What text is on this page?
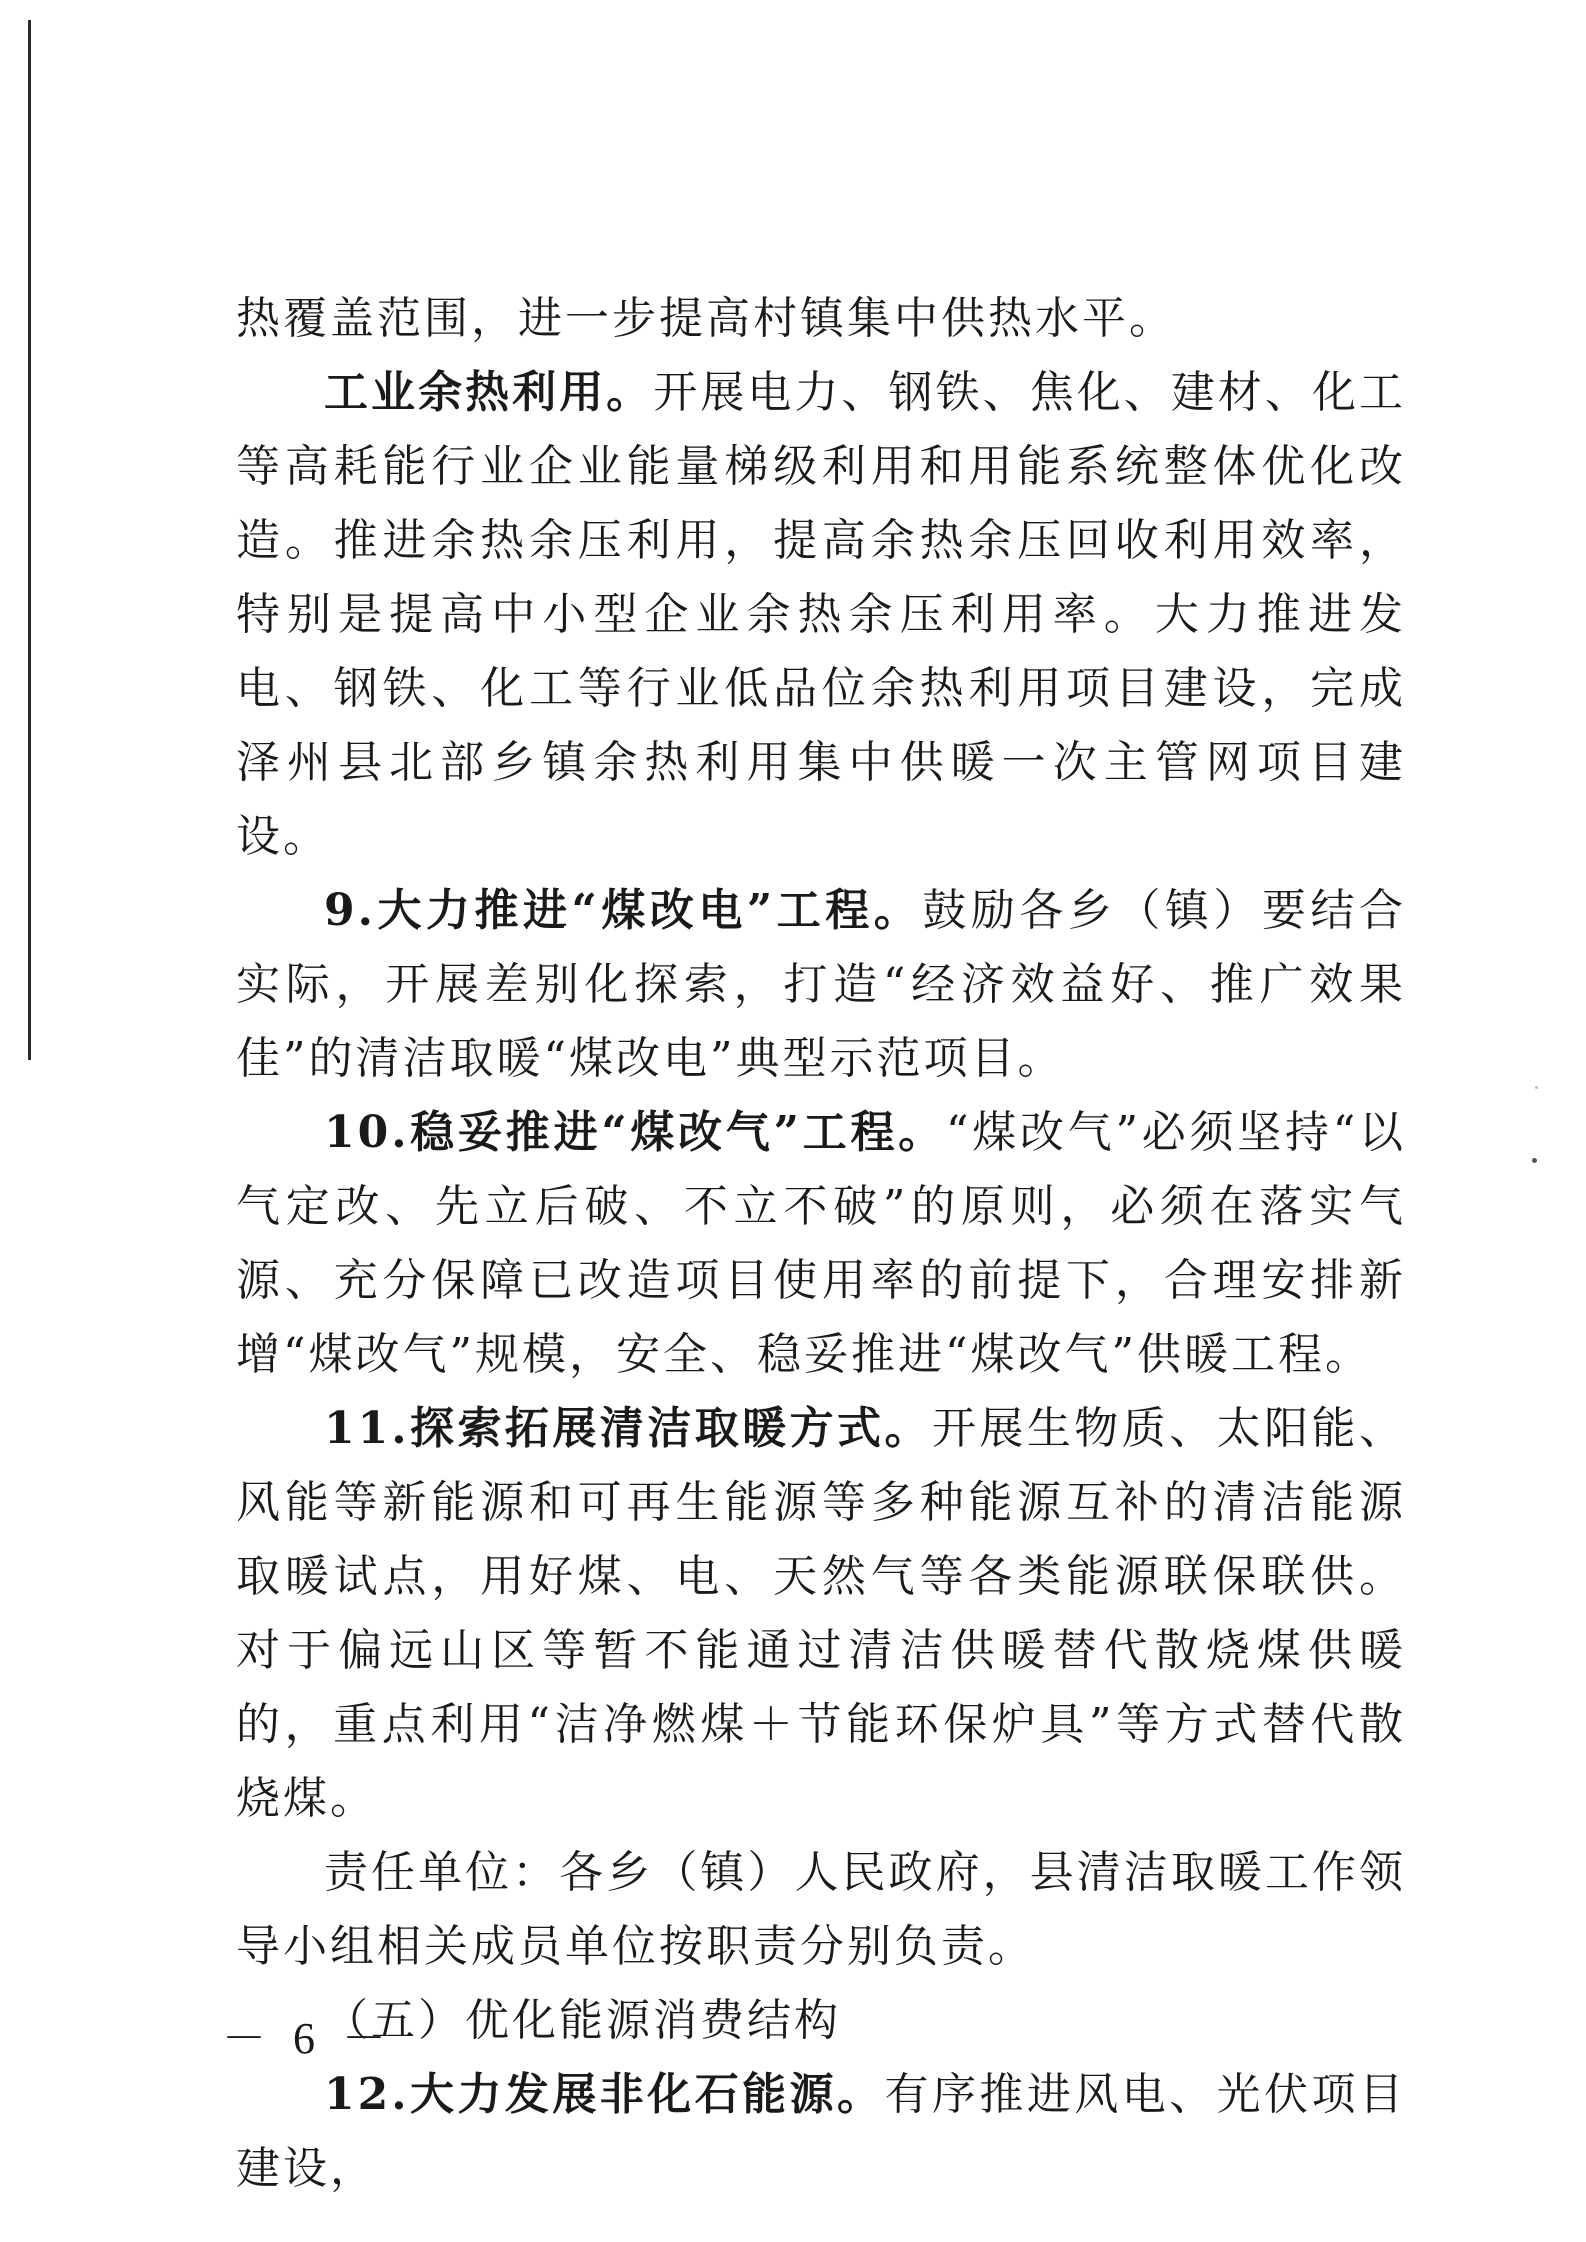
热覆盖范围，进一步提高村镇集中供热水平。

工业余热利用。开展电力、钢铁、焦化、建材、化工等高耗能行业企业能量梯级利用和用能系统整体优化改造。推进余热余压利用，提高余热余压回收利用效率，特别是提高中小型企业余热余压利用率。大力推进发电、钢铁、化工等行业低品位余热利用项目建设，完成泽州县北部乡镇余热利用集中供暖一次主管网项目建设。

9.大力推进“煤改电”工程。鼓励各乡（镇）要结合实际，开展差别化探索，打造“经济效益好、推广效果佳”的清洁取暖“煤改电”典型示范项目。

10.稳妥推进“煤改气”工程。“煤改气”必须坚持“以气定改、先立后破、不立不破”的原则，必须在落实气源、充分保障已改造项目使用率的前提下，合理安排新增“煤改气”规模，安全、稳妥推进“煤改气”供暖工程。

11.探索拓展清洁取暖方式。开展生物质、太阳能、风能等新能源和可再生能源等多种能源互补的清洁能源取暖试点，用好煤、电、天然气等各类能源联保联供。对于偏远山区等暂不能通过清洁供暖替代散烧煤供暖的，重点利用“洁净燃煤＋节能环保炉具”等方式替代散烧煤。

责任单位：各乡（镇）人民政府，县清洁取暖工作领导小组相关成员单位按职责分别负责。

（五）优化能源消费结构

12.大力发展非化石能源。有序推进风电、光伏项目建设，

－ 6 －
